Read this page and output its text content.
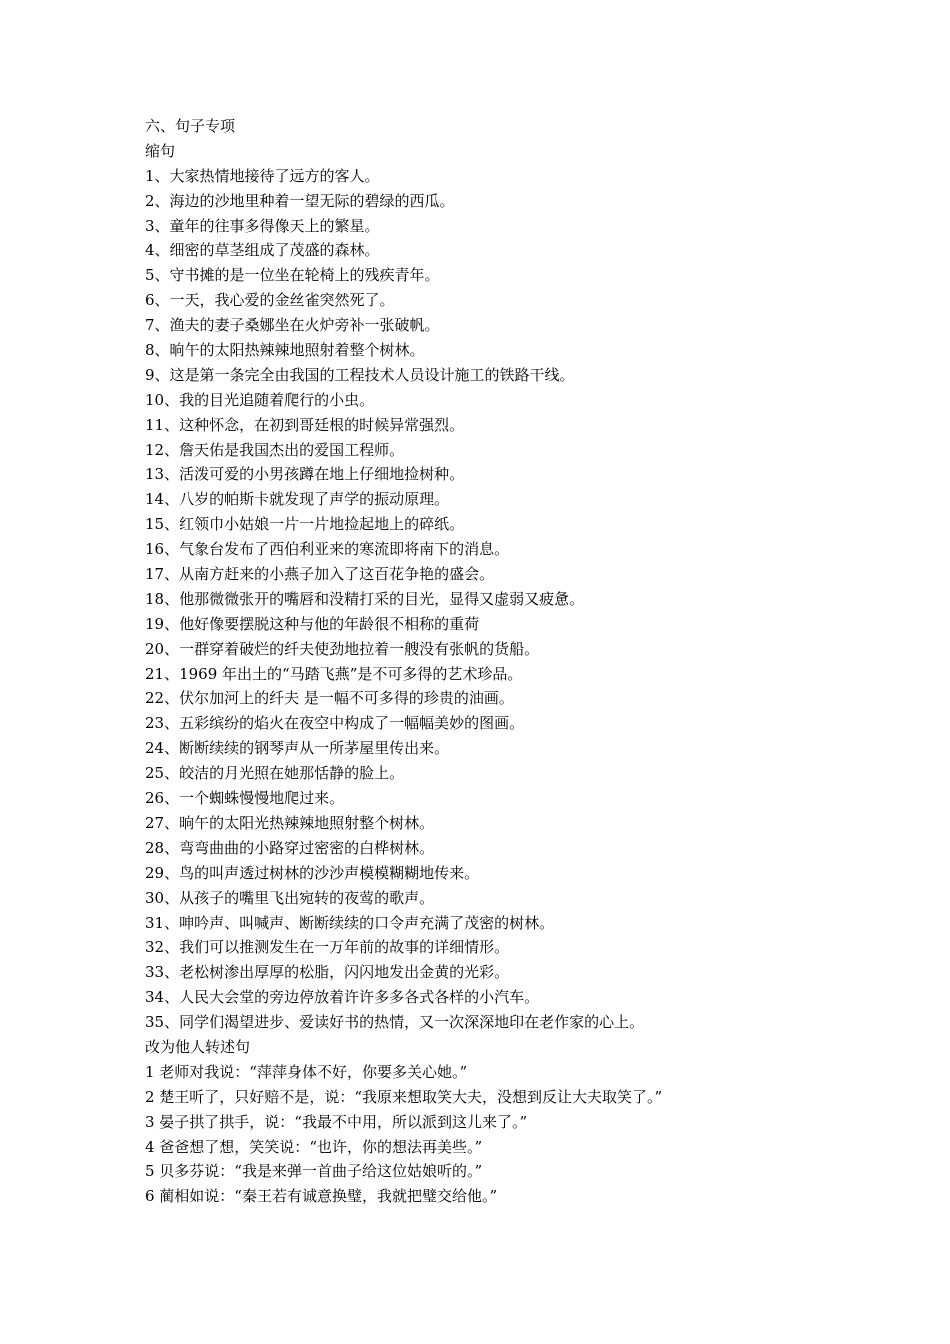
六、句子专项
缩句
1、大家热情地接待了远方的客人。
2、海边的沙地里种着一望无际的碧绿的西瓜。
3、童年的往事多得像天上的繁星。
4、细密的草茎组成了茂盛的森林。
5、守书摊的是一位坐在轮椅上的残疾青年。
6、一天，我心爱的金丝雀突然死了。
7、渔夫的妻子桑娜坐在火炉旁补一张破帆。
8、晌午的太阳热辣辣地照射着整个树林。
9、这是第一条完全由我国的工程技术人员设计施工的铁路干线。
10、我的目光追随着爬行的小虫。
11、这种怀念，在初到哥廷根的时候异常强烈。
12、詹天佑是我国杰出的爱国工程师。
13、活泼可爱的小男孩蹲在地上仔细地捡树种。
14、八岁的帕斯卡就发现了声学的振动原理。
15、红领巾小姑娘一片一片地捡起地上的碎纸。
16、气象台发布了西伯利亚来的寒流即将南下的消息。
17、从南方赶来的小燕子加入了这百花争艳的盛会。
18、他那微微张开的嘴唇和没精打采的目光，显得又虚弱又疲惫。
19、他好像要摆脱这种与他的年龄很不相称的重荷
20、一群穿着破烂的纤夫使劲地拉着一艘没有张帆的货船。
21、1969 年出土的“马踏飞燕”是不可多得的艺术珍品。
22、伏尔加河上的纤夫 是一幅不可多得的珍贵的油画。
23、五彩缤纷的焰火在夜空中构成了一幅幅美妙的图画。
24、断断续续的钢琴声从一所茅屋里传出来。
25、皎洁的月光照在她那恬静的脸上。
26、一个蜘蛛慢慢地爬过来。
27、晌午的太阳光热辣辣地照射整个树林。
28、弯弯曲曲的小路穿过密密的白桦树林。
29、鸟的叫声透过树林的沙沙声模模糊糊地传来。
30、从孩子的嘴里飞出宛转的夜莺的歌声。
31、呻吟声、叫喊声、断断续续的口令声充满了茂密的树林。
32、我们可以推测发生在一万年前的故事的详细情形。
33、老松树渗出厚厚的松脂，闪闪地发出金黄的光彩。
34、人民大会堂的旁边停放着许许多多各式各样的小汽车。
35、同学们渴望进步、爱读好书的热情，又一次深深地印在老作家的心上。
改为他人转述句
1 老师对我说：“萍萍身体不好，你要多关心她。”
2 楚王听了，只好赔不是，说：“我原来想取笑大夫，没想到反让大夫取笑了。”
3 晏子拱了拱手，说：“我最不中用，所以派到这儿来了。”
4 爸爸想了想，笑笑说：“也许，你的想法再美些。”
5 贝多芬说：“我是来弹一首曲子给这位姑娘听的。”
6 蔺相如说：“秦王若有诚意换璧，我就把璧交给他。”
